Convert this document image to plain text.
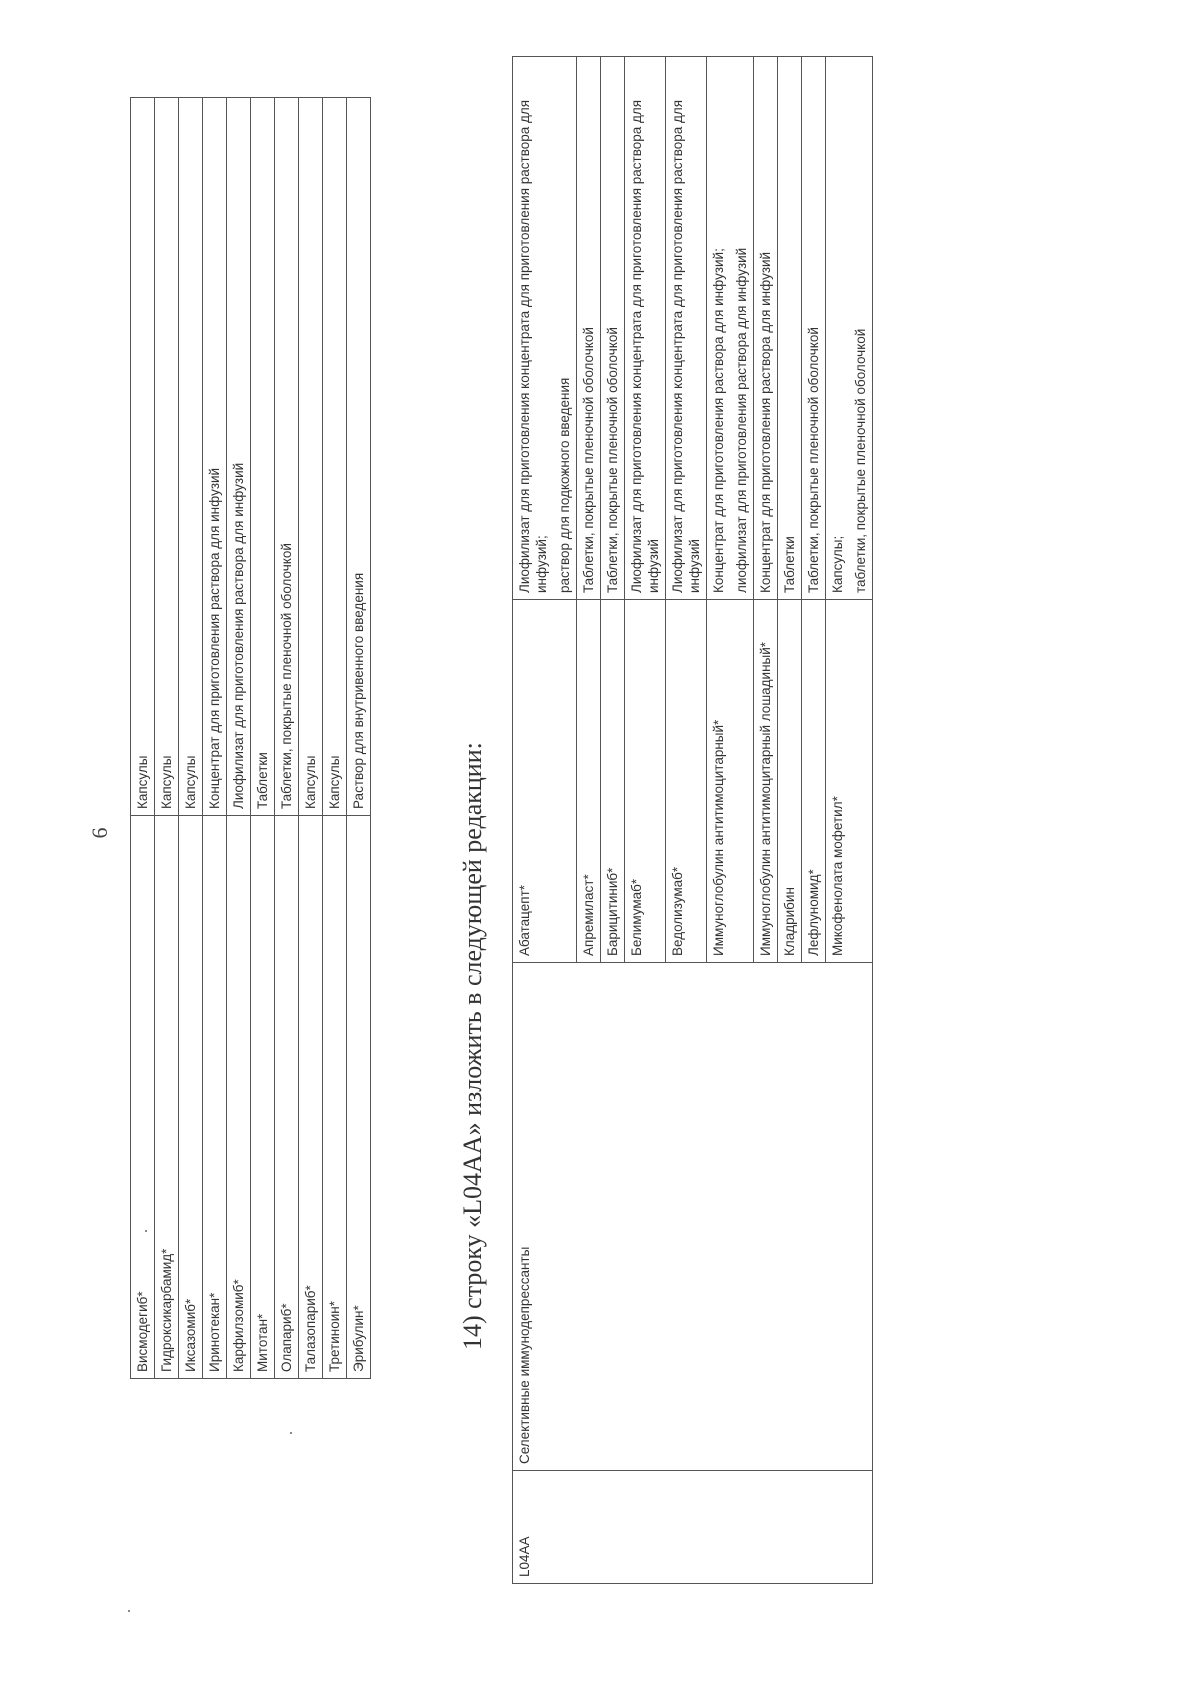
6
	Висмодегиб*	Капсулы
	Гидроксикарбамид*	Капсулы
	Иксазомиб*	Капсулы
	Иринотекан*	Концентрат для приготовления раствора для инфузий
	Карфилзомиб*	Лиофилизат для приготовления раствора для инфузий
	Митотан*	Таблетки
	Олапариб*	Таблетки, покрытые пленочной оболочкой
	Талазопариб*	Капсулы
	Третиноин*	Капсулы
	Эрибулин*	Раствор для внутривенного введения
14) строку «L04AA» изложить в следующей редакции:
L04AA	Селективные иммунодепрессанты	Абатацепт*	Лиофилизат для приготовления концентрата для приготовления раствора для инфузий; раствор для подкожного введения

		Апремиласт*	Таблетки, покрытые пленочной оболочкой

		Барицитиниб*	Таблетки, покрытые пленочной оболочкой

		Белимумаб*	Лиофилизат для приготовления концентрата для приготовления раствора для инфузий

		Ведолизумаб*	Лиофилизат для приготовления концентрата для приготовления раствора для инфузий

		Иммуноглобулин антитимоцитарный*	Концентрат для приготовления раствора для инфузий; лиофилизат для приготовления раствора для инфузий

		Иммуноглобулин антитимоцитарный лошадиный*	Концентрат для приготовления раствора для инфузий

		Кладрибин	Таблетки

		Лефлуномид*	Таблетки, покрытые пленочной оболочкой

		Микофенолата мофетил*	Капсулы; таблетки, покрытые пленочной оболочкой
